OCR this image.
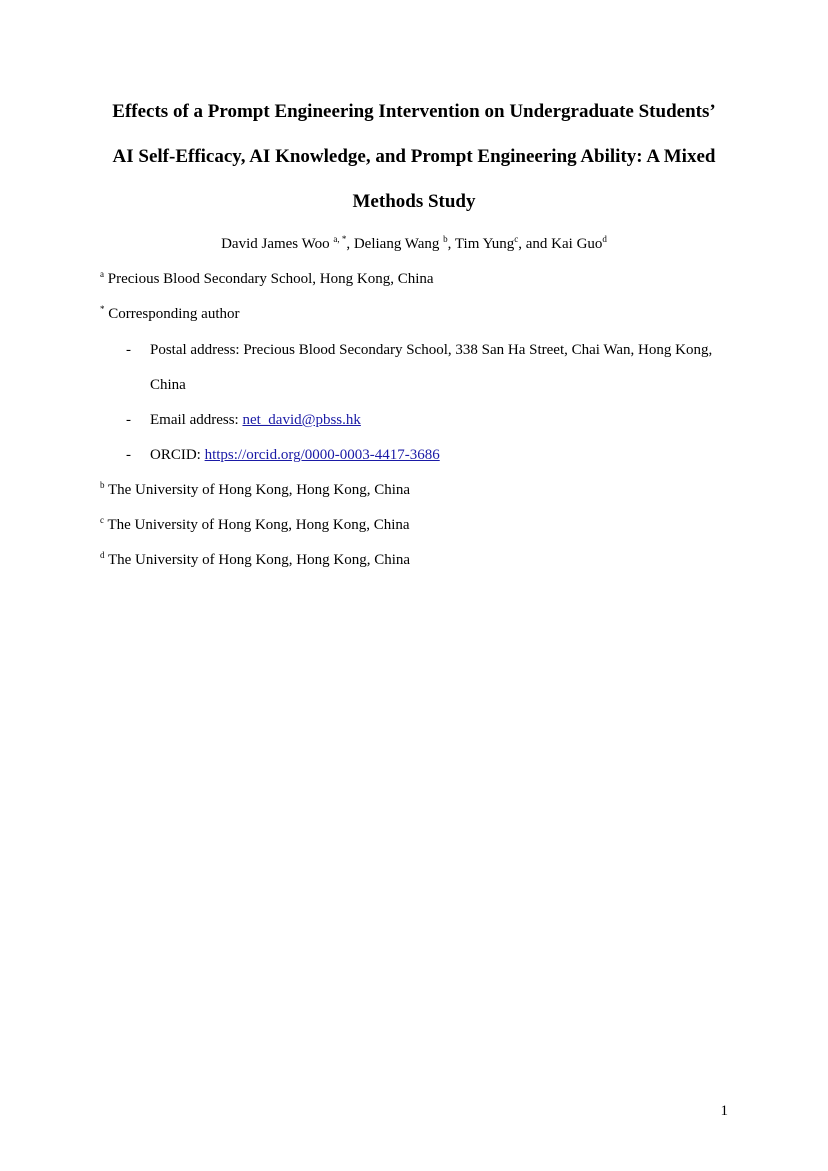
Effects of a Prompt Engineering Intervention on Undergraduate Students’
AI Self-Efficacy, AI Knowledge, and Prompt Engineering Ability: A Mixed
Methods Study
David James Woo $^{a, *}$, Deliang Wang $^b$, Tim Yung$^c$, and Kai Guo$^d$
$^a$ Precious Blood Secondary School, Hong Kong, China
* Corresponding author
- Postal address: Precious Blood Secondary School, 338 San Ha Street, Chai Wan, Hong Kong,
China
- Email address: net_david@pbss.hk
- ORCID: https://orcid.org/0000-0003-4417-3686
$^b$ The University of Hong Kong, Hong Kong, China
$^c$ The University of Hong Kong, Hong Kong, China
$^d$ The University of Hong Kong, Hong Kong, China
1
